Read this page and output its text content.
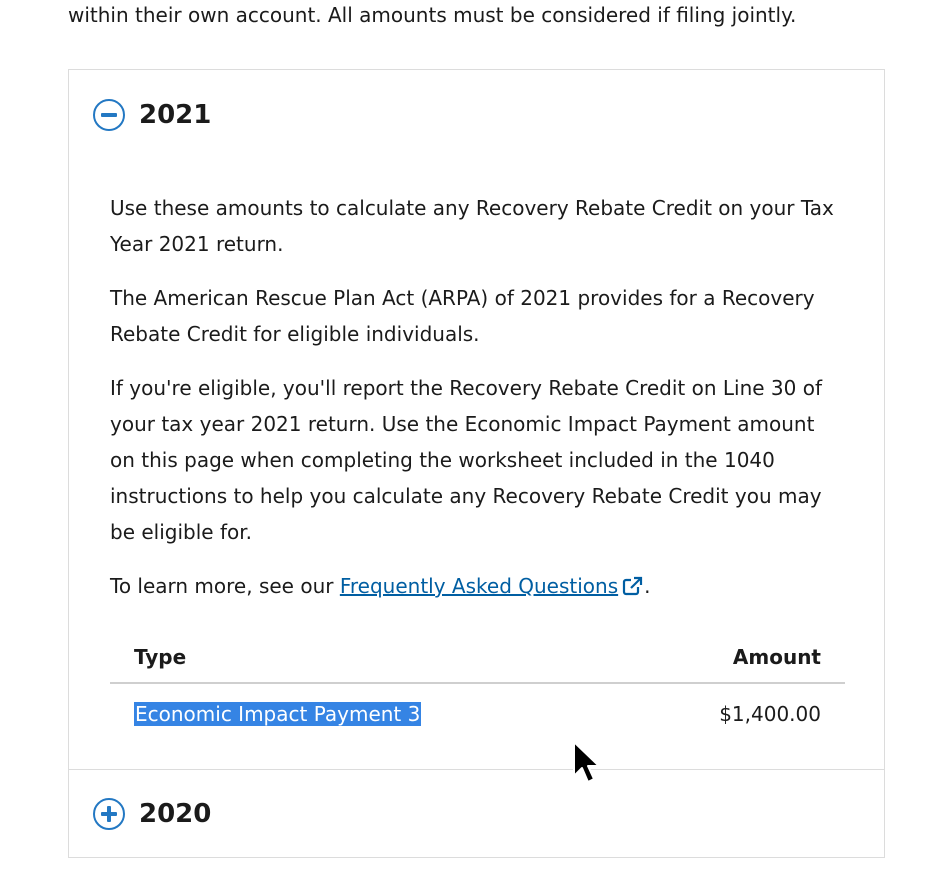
within their own account. All amounts must be considered if filing jointly.

2021

Use these amounts to calculate any Recovery Rebate Credit on your Tax Year 2021 return.

The American Rescue Plan Act (ARPA) of 2021 provides for a Recovery Rebate Credit for eligible individuals.

If you're eligible, you'll report the Recovery Rebate Credit on Line 30 of your tax year 2021 return. Use the Economic Impact Payment amount on this page when completing the worksheet included in the 1040 instructions to help you calculate any Recovery Rebate Credit you may be eligible for.

To learn more, see our Frequently Asked Questions .

Type	Amount
Economic Impact Payment 3	$1,400.00
2020
